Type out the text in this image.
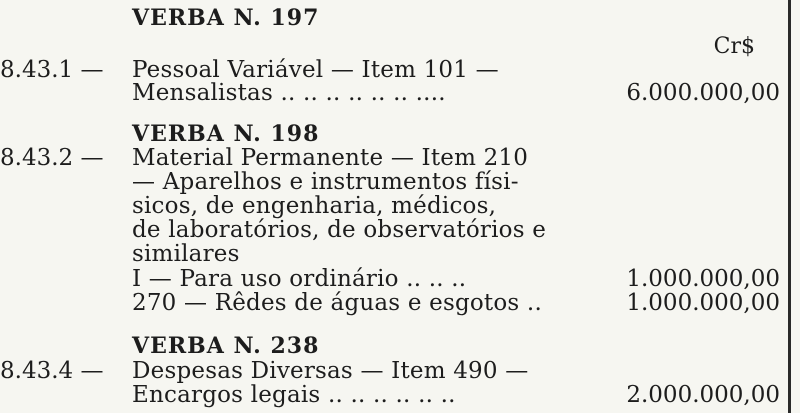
VERBA N. 197
Cr$
8.43.1 — Pessoal Variável — Item 101 —
Mensalistas .. .. .. .. .. .. ....	6.000.000,00
VERBA N. 198
8.43.2 — Material Permanente — Item 210
— Aparelhos e instrumentos físi-
sicos, de engenharia, médicos,
de laboratórios, de observatórios e
similares
I — Para uso ordinário .. .. ..	1.000.000,00
270 — Rêdes de águas e esgotos ..	1.000.000,00
VERBA N. 238
8.43.4 — Despesas Diversas — Item 490 —
Encargos legais .. .. .. .. .. ..	2.000.000,00
